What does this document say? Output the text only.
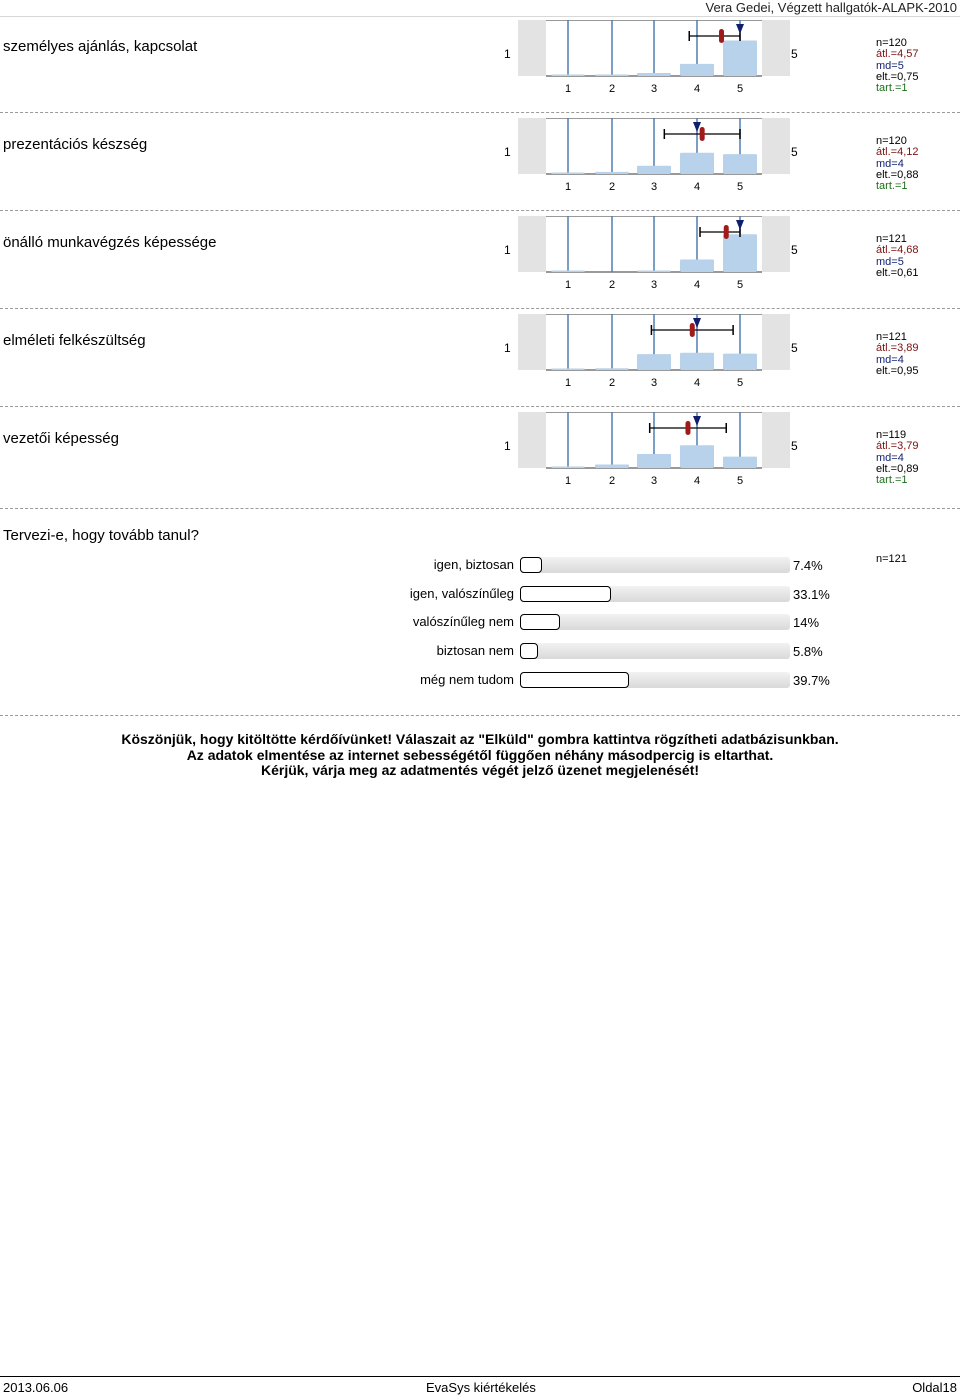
Vera Gedei, Végzett hallgatók-ALAPK-2010
személyes ajánlás, kapcsolat	1	5
1	2	3	4	5
n=120
átl.=4,57
md=5
elt.=0,75
tart.=1
prezentációs készség	1	5
1	2	3	4	5
n=120
átl.=4,12
md=4
elt.=0,88
tart.=1
önálló munkavégzés képessége	1	5
1	2	3	4	5
n=121
átl.=4,68
md=5
elt.=0,61
elméleti felkészültség	1	5
1	2	3	4	5
n=121
átl.=3,89
md=4
elt.=0,95
vezetői képesség	1	5
1	2	3	4	5
n=119
átl.=3,79
md=4
elt.=0,89
tart.=1
Tervezi-e, hogy tovább tanul?
n=121
igen, biztosan	7.4%
igen, valószínűleg	33.1%
valószínűleg nem	14%
biztosan nem	5.8%
még nem tudom	39.7%
Köszönjük, hogy kitöltötte kérdőívünket! Válaszait az "Elküld" gombra kattintva rögzítheti adatbázisunkban.
Az adatok elmentése az internet sebességétől függően néhány másodpercig is eltarthat.
Kérjük, várja meg az adatmentés végét jelző üzenet megjelenését!
2013.06.06	EvaSys kiértékelés	Oldal18
